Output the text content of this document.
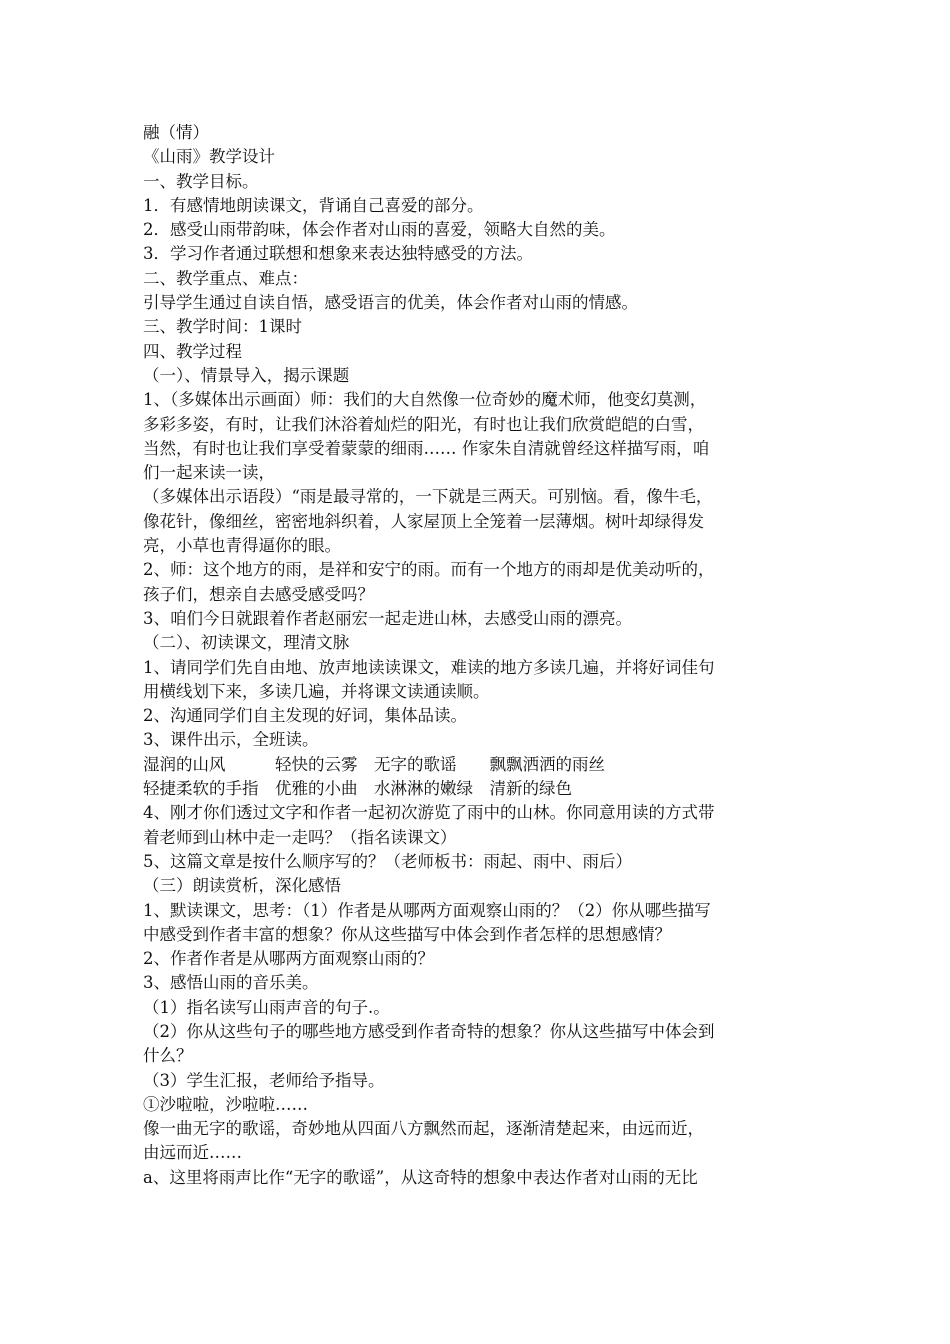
融（情）
《山雨》教学设计
一、教学目标。
1．有感情地朗读课文，背诵自己喜爱的部分。
2．感受山雨带韵味，体会作者对山雨的喜爱，领略大自然的美。
3．学习作者通过联想和想象来表达独特感受的方法。
二、教学重点、难点：
引导学生通过自读自悟，感受语言的优美，体会作者对山雨的情感。
三、教学时间：1课时
四、教学过程
（一）、情景导入，揭示课题
1、（多媒体出示画面）师：我们的大自然像一位奇妙的魔术师，他变幻莫测，
多彩多姿，有时，让我们沐浴着灿烂的阳光，有时也让我们欣赏皑皑的白雪，
当然，有时也让我们享受着蒙蒙的细雨…… 作家朱自清就曾经这样描写雨，咱
们一起来读一读，
（多媒体出示语段）“雨是最寻常的，一下就是三两天。可别恼。看，像牛毛，
像花针，像细丝，密密地斜织着，人家屋顶上全笼着一层薄烟。树叶却绿得发
亮，小草也青得逼你的眼。
2、师：这个地方的雨，是祥和安宁的雨。而有一个地方的雨却是优美动听的，
孩子们，想亲自去感受感受吗？
3、咱们今日就跟着作者赵丽宏一起走进山林，去感受山雨的漂亮。
（二）、初读课文，理清文脉
1、请同学们先自由地、放声地读读课文，难读的地方多读几遍，并将好词佳句
用横线划下来，多读几遍，并将课文读通读顺。
2、沟通同学们自主发现的好词，集体品读。
3、课件出示，全班读。
湿润的山风　　　轻快的云雾　无字的歌谣　　飘飘洒洒的雨丝
轻捷柔软的手指　优雅的小曲　水淋淋的嫩绿　清新的绿色
4、刚才你们透过文字和作者一起初次游览了雨中的山林。你同意用读的方式带
着老师到山林中走一走吗？（指名读课文）
5、这篇文章是按什么顺序写的？（老师板书：雨起、雨中、雨后）
（三）朗读赏析，深化感悟
1、默读课文，思考：（1）作者是从哪两方面观察山雨的？（2）你从哪些描写
中感受到作者丰富的想象？你从这些描写中体会到作者怎样的思想感情？
2、作者作者是从哪两方面观察山雨的？
3、感悟山雨的音乐美。
（1）指名读写山雨声音的句子.。
（2）你从这些句子的哪些地方感受到作者奇特的想象？你从这些描写中体会到
什么？
（3）学生汇报，老师给予指导。
①沙啦啦，沙啦啦……
像一曲无字的歌谣，奇妙地从四面八方飘然而起，逐渐清楚起来，由远而近，
由远而近……
a、这里将雨声比作“无字的歌谣”，从这奇特的想象中表达作者对山雨的无比
